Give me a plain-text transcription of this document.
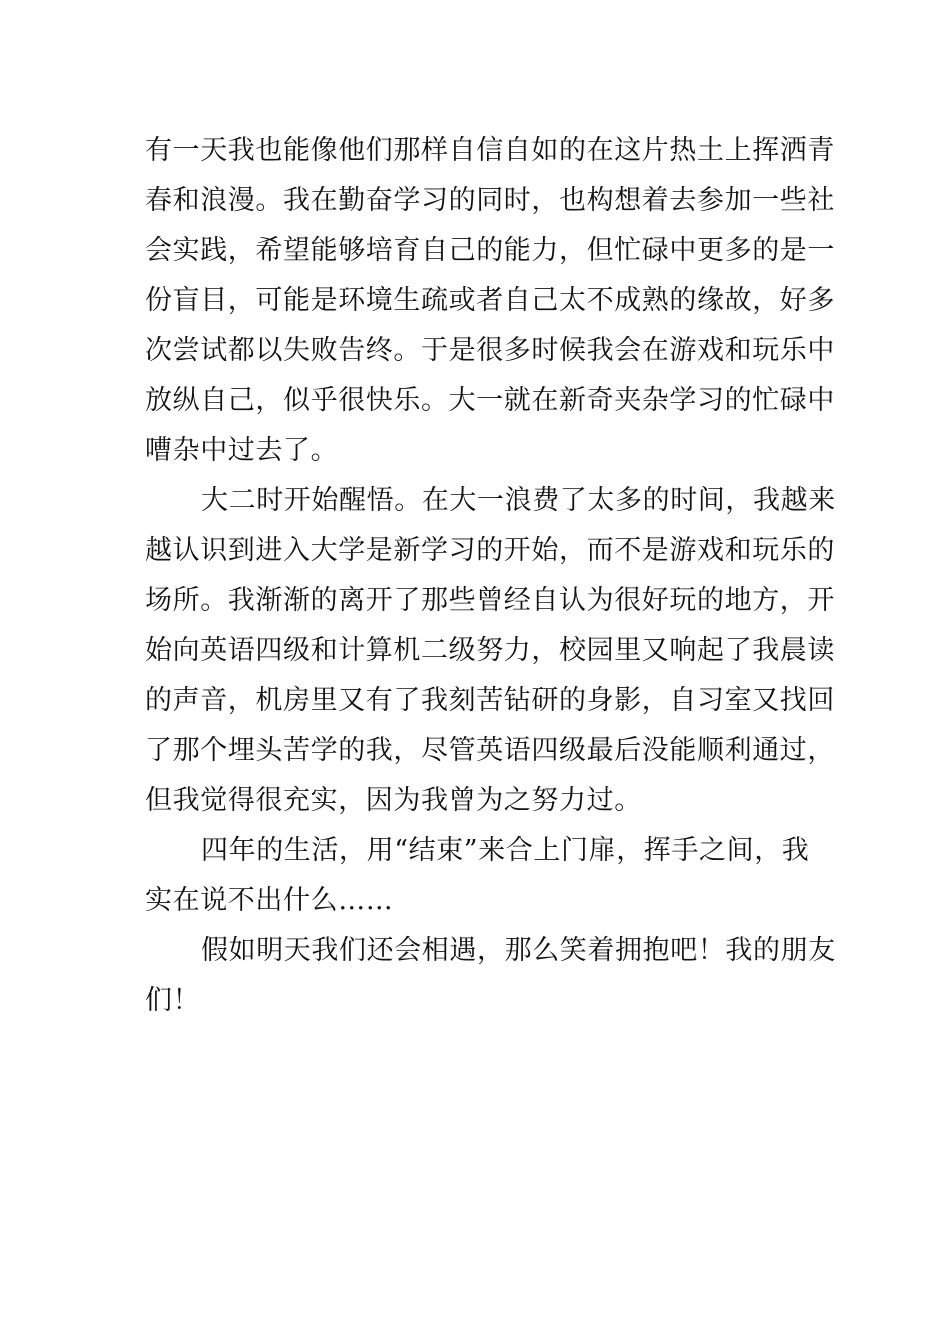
有一天我也能像他们那样自信自如的在这片热土上挥洒青
春和浪漫。我在勤奋学习的同时，也构想着去参加一些社
会实践，希望能够培育自己的能力，但忙碌中更多的是一
份盲目，可能是环境生疏或者自己太不成熟的缘故，好多
次尝试都以失败告终。于是很多时候我会在游戏和玩乐中
放纵自己，似乎很快乐。大一就在新奇夹杂学习的忙碌中
嘈杂中过去了。
大二时开始醒悟。在大一浪费了太多的时间，我越来
越认识到进入大学是新学习的开始，而不是游戏和玩乐的
场所。我渐渐的离开了那些曾经自认为很好玩的地方，开
始向英语四级和计算机二级努力，校园里又响起了我晨读
的声音，机房里又有了我刻苦钻研的身影，自习室又找回
了那个埋头苦学的我，尽管英语四级最后没能顺利通过，
但我觉得很充实，因为我曾为之努力过。
四年的生活，用“结束”来合上门扉，挥手之间，我
实在说不出什么……
假如明天我们还会相遇，那么笑着拥抱吧！我的朋友
们！
